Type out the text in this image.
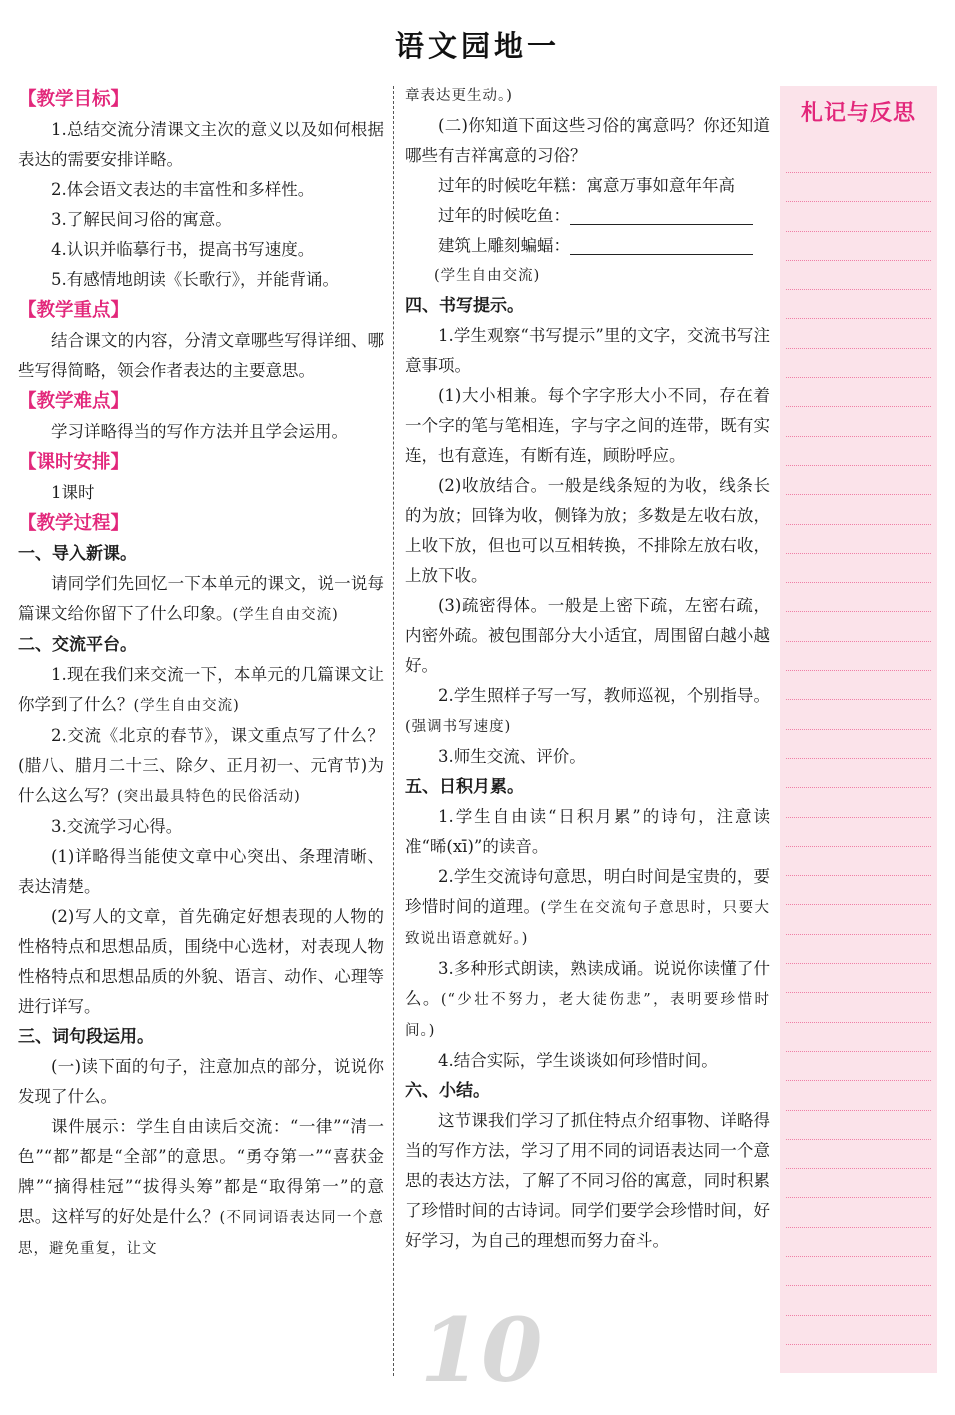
语文园地一
【教学目标】

1.总结交流分清课文主次的意义以及如何根据表达的需要安排详略。

2.体会语文表达的丰富性和多样性。

3.了解民间习俗的寓意。

4.认识并临摹行书，提高书写速度。

5.有感情地朗读《长歌行》，并能背诵。

【教学重点】

结合课文的内容，分清文章哪些写得详细、哪些写得简略，领会作者表达的主要意思。

【教学难点】

学习详略得当的写作方法并且学会运用。

【课时安排】

1课时

【教学过程】
一、导入新课。

请同学们先回忆一下本单元的课文，说一说每篇课文给你留下了什么印象。(学生自由交流)

二、交流平台。

1.现在我们来交流一下，本单元的几篇课文让你学到了什么？(学生自由交流)

2.交流《北京的春节》，课文重点写了什么？(腊八、腊月二十三、除夕、正月初一、元宵节)为什么这么写？(突出最具特色的民俗活动)

3.交流学习心得。

(1)详略得当能使文章中心突出、条理清晰、表达清楚。

(2)写人的文章，首先确定好想表现的人物的性格特点和思想品质，围绕中心选材，对表现人物性格特点和思想品质的外貌、语言、动作、心理等进行详写。

三、词句段运用。

(一)读下面的句子，注意加点的部分，说说你发现了什么。

课件展示：学生自由读后交流：“一律”“清一色”“都”都是“全部”的意思。“勇夺第一”“喜获金牌”“摘得桂冠”“拔得头筹”都是“取得第一”的意思。这样写的好处是什么？(不同词语表达同一个意思，避免重复，让文

章表达更生动。)

(二)你知道下面这些习俗的寓意吗？你还知道哪些有吉祥寓意的习俗？

过年的时候吃年糕：寓意万事如意年年高

过年的时候吃鱼：

建筑上雕刻蝙蝠：

(学生自由交流)

四、书写提示。

1.学生观察“书写提示”里的文字，交流书写注意事项。

(1)大小相兼。每个字字形大小不同，存在着一个字的笔与笔相连，字与字之间的连带，既有实连，也有意连，有断有连，顾盼呼应。

(2)收放结合。一般是线条短的为收，线条长的为放；回锋为收，侧锋为放；多数是左收右放，上收下放，但也可以互相转换，不排除左放右收，上放下收。

(3)疏密得体。一般是上密下疏，左密右疏，内密外疏。被包围部分大小适宜，周围留白越小越好。

2.学生照样子写一写，教师巡视，个别指导。(强调书写速度)

3.师生交流、评价。

五、日积月累。

1.学生自由读“日积月累”的诗句，注意读准“晞(xī)”的读音。

2.学生交流诗句意思，明白时间是宝贵的，要珍惜时间的道理。(学生在交流句子意思时，只要大致说出语意就好。)

3.多种形式朗读，熟读成诵。说说你读懂了什么。(“少壮不努力，老大徒伤悲”，表明要珍惜时间。)

4.结合实际，学生谈谈如何珍惜时间。

六、小结。

这节课我们学习了抓住特点介绍事物、详略得当的写作方法，学习了用不同的词语表达同一个意思的表达方法，了解了不同习俗的寓意，同时积累了珍惜时间的古诗词。同学们要学会珍惜时间，好好学习，为自己的理想而努力奋斗。

札记与反思
10
